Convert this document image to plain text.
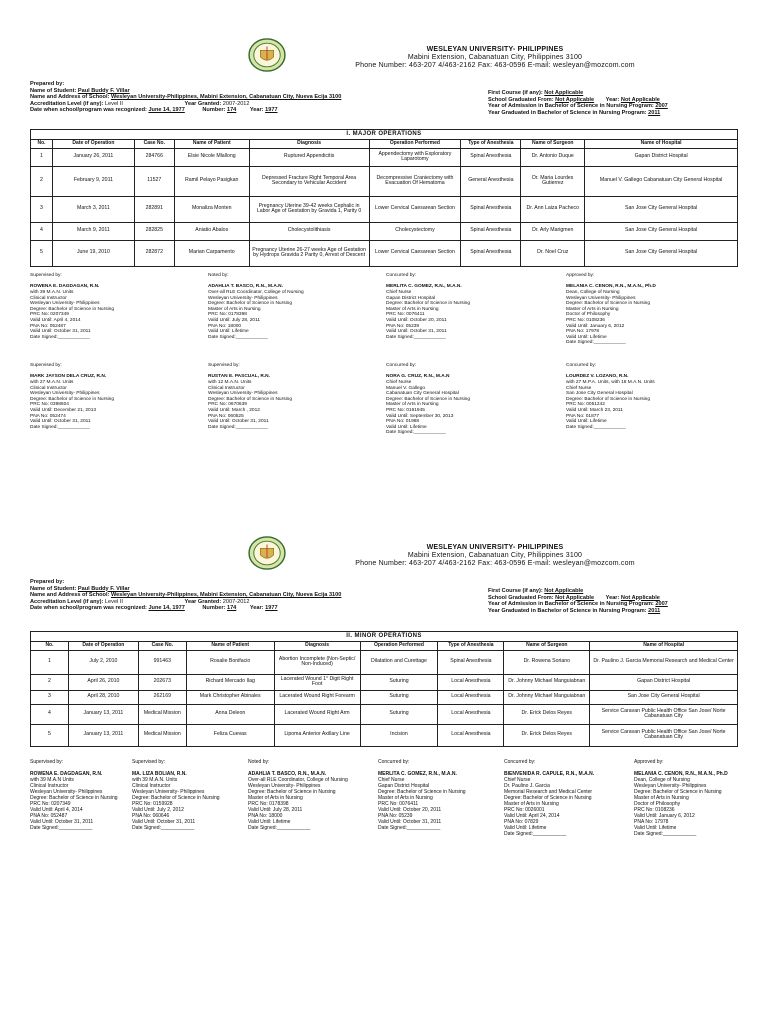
WESLEYAN UNIVERSITY- PHILIPPINES
Mabini Extension, Cabanatuan City, Philippines 3100
Phone Number: 463-207 4/463-2162 Fax: 463-0596 E-mail: wesleyan@mozcom.com
Prepared by:
Name of Student: Paul Buddy F. Villar
Name and Address of School: Wesleyan University-Philippines, Mabini Extension, Cabanatuan City, Nueva Ecija 3100
Accreditation Level (if any): Level II	Year Granted: 2007-2012
Date when school/program was recognized: June 14, 1977	Number: 174 Year: 1977
First Course (if any): Not Applicable
School Graduated From: Not Applicable Year: Not Applicable
Year of Admission in Bachelor of Science in Nursing Program: 2007
Year Graduated in Bachelor of Science in Nursing Program: 2011
I. MAJOR OPERATIONS								
No.	Date of Operation	Case No.	Name of Patient	Diagnosis	Operation Performed	Type of Anesthesia	Name of Surgeon	Name of Hospital
1	January 26, 2011	284766	Elsie Nicole Mlallong	Ruptured Appendicitis	Appendectomy with Exploratory Laparotomy	Spinal Anesthesia	Dr. Antonio Duque	Gapan District Hospital
2	February 9, 2011	11527	Ramil Pelayo Pasigkan	Depressed Fracture Right Temporal Area Secondary to Vehicular Accident	Decompressive Craniectomy with Evacuation Of Hematoma	General Anesthesia	Dr. Maria Lourdes Gutierrez	Manuel V. Gallego Cabanatuan City General Hospital
3	March 3, 2011	282891	Monaliza Monten	Pregnancy Uterine 39-42 weeks Cephalic in Labor Age of Gestation by Gravida 1, Parity 0	Lower Cervical Caesarean Section	Spinal Anesthesia	Dr. Ann Laiza Pacheco	San Jose City General Hospital
4	March 9, 2011	282825	Aniatio Abalos	Cholecystolithiasis	Cholecystectomy	Spinal Anesthesia	Dr. Arly Marigmen	San Jose City General Hospital
5	June 19, 2010	282872	Marian Carpamento	Pregnancy Uterine 26-27 weeks Age of Gestation by Hydrops Gravida 2 Parity 0, Arrest of Descent	Lower Cervical Caesarean Section	Spinal Anesthesia	Dr. Noel Cruz	San Jose City General Hospital
Supervised by:
ROWENA E. DAGDAGAN, R.N.
with 39 M.A.N. Units
Clinical Instructor
Wesleyan University- Philippines
Degree: Bachelor of Science in Nursing
PRC No: 0207349
Valid Until: April 4, 2014
PNA No: 052487
Valid Until: October 31, 2011
Date Signed:____________
Noted by:
ADAHLIA T. BASCO, R.N., M.A.N.
Over-all RLE Coordinator, College of Nursing
Wesleyan University- Philippines
Degree: Bachelor of Science in Nursing
Master of Arts in Nursing
PRC No: 0178398
Valid Until: July 28, 2011
PNA No: 18000
Valid Until: Lifetime
Date Signed:____________
Concurred by:
MERLITA C. GOMEZ, R.N., M.A.N.
Chief Nurse
Gapan District Hospital
Degree: Bachelor of Science in Nursing
Master of Arts in Nursing
PRC No: 0076411
Valid Until: October 20, 2011
PNA No: 05239
Valid Until: October 31, 2011
Date Signed:____________
Approved by:
MELANIA C. CENON, R.N., M.A.N., Ph.D
Dean, College of Nursing
Wesleyan University- Philippines
Degree: Bachelor of Science in Nursing
Master of Arts in Nursing
Doctor of Philosophy
PRC No: 0108236
Valid Until: January 6, 2012
PNA No: 17978
Valid Until: Lifetime
Date Signed:____________
Supervised by:
MARK JAYSON DELA CRUZ, R.N.
with 27 M.A.N. Units
Clinical Instructor
Wesleyan University- Philippines
Degree: Bachelor of Science in Nursing
PRC No: 0398604
Valid Until: December 21, 2013
PNA No: 052474
Valid Until: October 31, 2011
Date Signed:____________
Supervised by:
RUSTAN E. PASCUAL, R.N.
with 12 M.A.N. Units
Clinical Instructor
Wesleyan University- Philippines
Degree: Bachelor of Science in Nursing
PRC No: 0670639
Valid Until: March , 2012
PNA No: 060525
Valid Until: October 31, 2011
Date Signed:____________
Concurred by:
NORA G. CRUZ, R.N., M.A.N
Chief Nurse
Manuel V. Gallego
Cabanatuan City General Hospital
Degree: Bachelor of Science in Nursing
Master of Arts in Nursing
PRC No: 0161945
Valid Until: September 30, 2013
PNA No: 01988
Valid Until: Lifetime
Date Signed:____________
Concurred by:
LOURDEZ V. LOZANO, R.N.
with 27 M.P.A. Units, with 18 M.A.N. Units
Chief Nurse
San Jose City General Hospital
Degree: Bachelor of Science in Nursing
PRC No: 0051242
Valid Until: March 23, 2011
PNA No: 01877
Valid Until: Lifetime
Date Signed:____________
WESLEYAN UNIVERSITY- PHILIPPINES
Mabini Extension, Cabanatuan City, Philippines 3100
Phone Number: 463-207 4/463-2162 Fax: 463-0596 E-mail: wesleyan@mozcom.com
Prepared by:
Name of Student: Paul Buddy F. Villar
Name and Address of School: Wesleyan University-Philippines, Mabini Extension, Cabanatuan City, Nueva Ecija 3100
Accreditation Level (if any): Level II	Year Granted: 2007-2012
Date when school/program was recognized: June 14, 1977	Number: 174 Year: 1977
First Course (if any): Not Applicable
School Graduated From: Not Applicable Year: Not Applicable
Year of Admission in Bachelor of Science in Nursing Program: 2007
Year Graduated in Bachelor of Science in Nursing Program: 2011
II. MINOR OPERATIONS								
No.	Date of Operation	Case No.	Name of Patient	Diagnosis	Operation Performed	Type of Anesthesia	Name of Surgeon	Name of Hospital
1	July 2, 2010	991463	Rosalie Bonifacio	Abortion Incomplete (Non-Septic/ Non-Induced)	Dilatation and Curettage	Spinal Anesthesia	Dr. Rowena Soriano	Dr. Paulino J. Garcia Memorial Research and Medical Center
2	April 26, 2010	202673	Richard Mercado Ilag	Lacerated Wound 1° Digit Right Foot	Suturing	Local Anesthesia	Dr. Johnny Michael Manguiabnan	Gapan District Hospital
3	April 28, 2010	262169	Mark Christopher Abinales	Lacerated Wound Right Forearm	Suturing	Local Anesthesia	Dr. Johnny Michael Manguiabnan	San Jose City General Hospital
4	January 13, 2011	Medical Mission	Anna Deleon	Lacerated Wound Right Arm	Suturing	Local Anesthesia	Dr. Erick Delos Reyes	Service Caravan Public Health Office San Jose/ Norte Cabanatuan City
5	January 13, 2011	Medical Mission	Feliza Cuevas	Lipoma Anterior Axillary Line	Incision	Local Anesthesia	Dr. Erick Delos Reyes	Service Caravan Public Health Office San Jose/ Norte Cabanatuan City
Supervised by:
ROWENA E. DAGDAGAN, R.N.
with 39 M.A.N Units
Clinical Instructor
Wesleyan University- Philippines
Degree: Bachelor of Science in Nursing
PRC No: 0207349
Valid Until: April 4, 2014
PNA No: 052487
Valid Until: October 31, 2011
Date Signed:____________
Supervised by:
MA. LIZA BOLIAN, R.N.
with 39 M.A.N. Units
Clinical Instructor
Wesleyan University- Philippines
Degree: Bachelor of Science in Nursing
PRC No: 0159928
Valid Until: July 2, 2012
PNA No: 060646
Valid Until: October 31, 2011
Date Signed:____________
Noted by:
ADAHLIA T. BASCO, R.N., M.A.N.
Over-all RLE Coordinator, College of Nursing
Wesleyan University- Philippines
Degree: Bachelor of Science in Nursing
Master of Arts in Nursing
PRC No: 0178398
Valid Until: July 28, 2011
PNA No: 18000
Valid Until: Lifetime
Date Signed:____________
Concurred by:
MERLITA C. GOMEZ, R.N., M.A.N.
Chief Nurse
Gapan District Hospital
Degree: Bachelor of Science in Nursing
Master of Arts in Nursing
PRC No: 0076411
Valid Until: October 20, 2011
PNA No: 05239
Valid Until: October 31, 2011
Date Signed:____________
Concurred by:
BIENVENIDA R. CAPULE, R.N., M.A.N.
Chief Nurse
Dr. Paulino J. Garcia
Memorial Research and Medical Center
Degree: Bachelor of Science in Nursing
Master of Arts in Nursing
PRC No: 0026001
Valid Until: April 24, 2014
PNA No: 07829
Valid Until: Lifetime
Date Signed:____________
Approved by:
MELANIA C. CENON, R.N., M.A.N., Ph.D
Dean, College of Nursing
Wesleyan University- Philippines
Degree: Bachelor of Science in Nursing
Master of Arts in Nursing
Doctor of Philosophy
PRC No: 0108236
Valid Until: January 6, 2012
PNA No: 17978
Valid Until: Lifetime
Date Signed:____________
